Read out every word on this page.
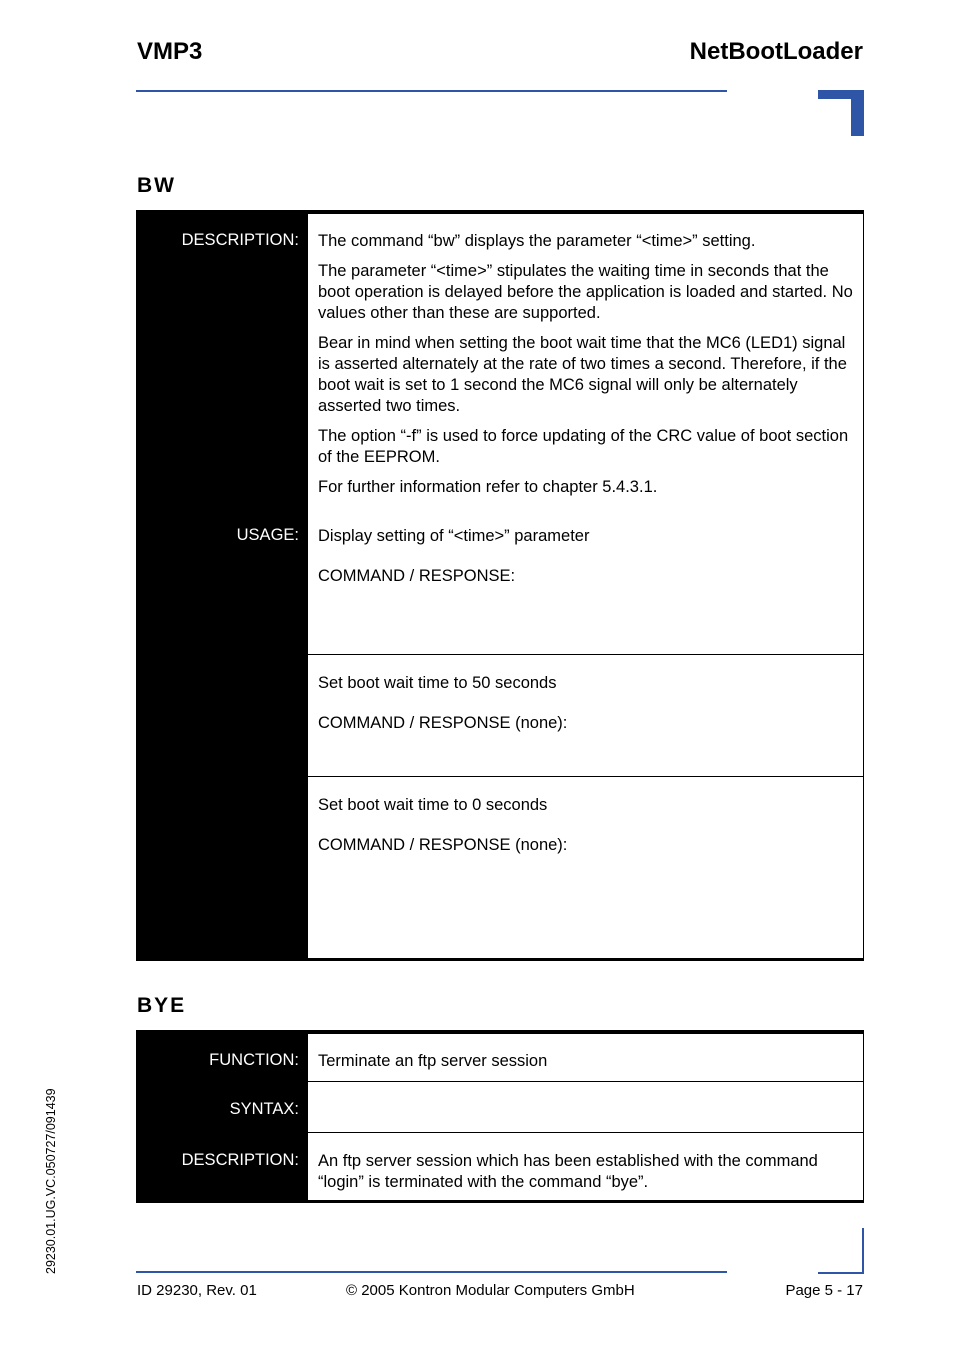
VMP3	NetBootLoader
BW
DESCRIPTION: The command “bw” displays the parameter “<time>” setting.
The parameter “<time>” stipulates the waiting time in seconds that the boot operation is delayed before the application is loaded and started. No values other than these are supported.
Bear in mind when setting the boot wait time that the MC6 (LED1) signal is asserted alternately at the rate of two times a second. Therefore, if the boot wait is set to 1 second the MC6 signal will only be alternately asserted two times.
The option “-f” is used to force updating of the CRC value of boot section of the EEPROM.
For further information refer to chapter 5.4.3.1.
USAGE: Display setting of “<time>” parameter
COMMAND / RESPONSE:
Set boot wait time to 50 seconds
COMMAND / RESPONSE (none):
Set boot wait time to 0 seconds
COMMAND / RESPONSE (none):
BYE
FUNCTION: Terminate an ftp server session
SYNTAX:
DESCRIPTION: An ftp server session which has been established with the command “login” is terminated with the command “bye”.
ID 29230, Rev. 01	© 2005 Kontron Modular Computers GmbH	Page 5 - 17
29230.01.UG.VC.050727/091439
